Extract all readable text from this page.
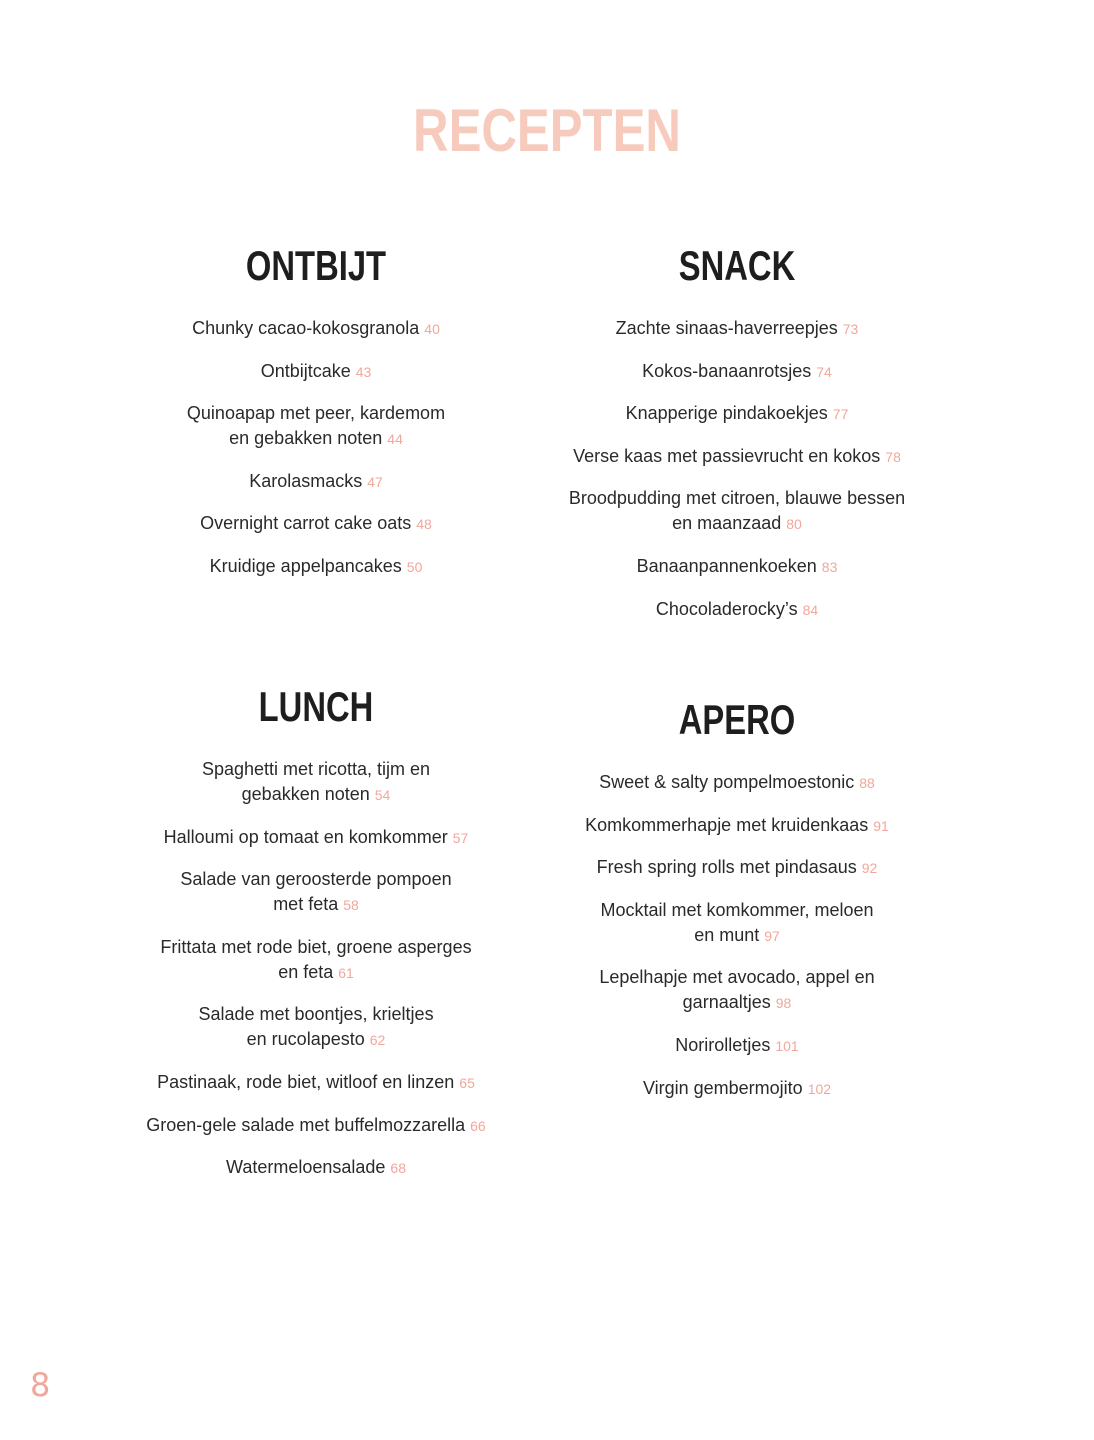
RECEPTEN
ONTBIJT
Chunky cacao-kokosgranola 40
Ontbijtcake 43
Quinoapap met peer, kardemom
en gebakken noten 44
Karolasmacks 47
Overnight carrot cake oats 48
Kruidige appelpancakes 50
SNACK
Zachte sinaas-haverreepjes 73
Kokos-banaanrotsjes 74
Knapperige pindakoekjes 77
Verse kaas met passievrucht en kokos 78
Broodpudding met citroen, blauwe bessen
en maanzaad 80
Banaanpannenkoeken 83
Chocoladerocky’s 84
LUNCH
Spaghetti met ricotta, tijm en
gebakken noten 54
Halloumi op tomaat en komkommer 57
Salade van geroosterde pompoen
met feta 58
Frittata met rode biet, groene asperges
en feta 61
Salade met boontjes, krieltjes
en rucolapesto 62
Pastinaak, rode biet, witloof en linzen 65
Groen-gele salade met buffelmozzarella 66
Watermeloensalade 68
APERO
Sweet & salty pompelmoestonic 88
Komkommerhapje met kruidenkaas 91
Fresh spring rolls met pindasaus 92
Mocktail met komkommer, meloen
en munt 97
Lepelhapje met avocado, appel en
garnaaltjes 98
Norirolletjes 101
Virgin gembermojito 102
8
